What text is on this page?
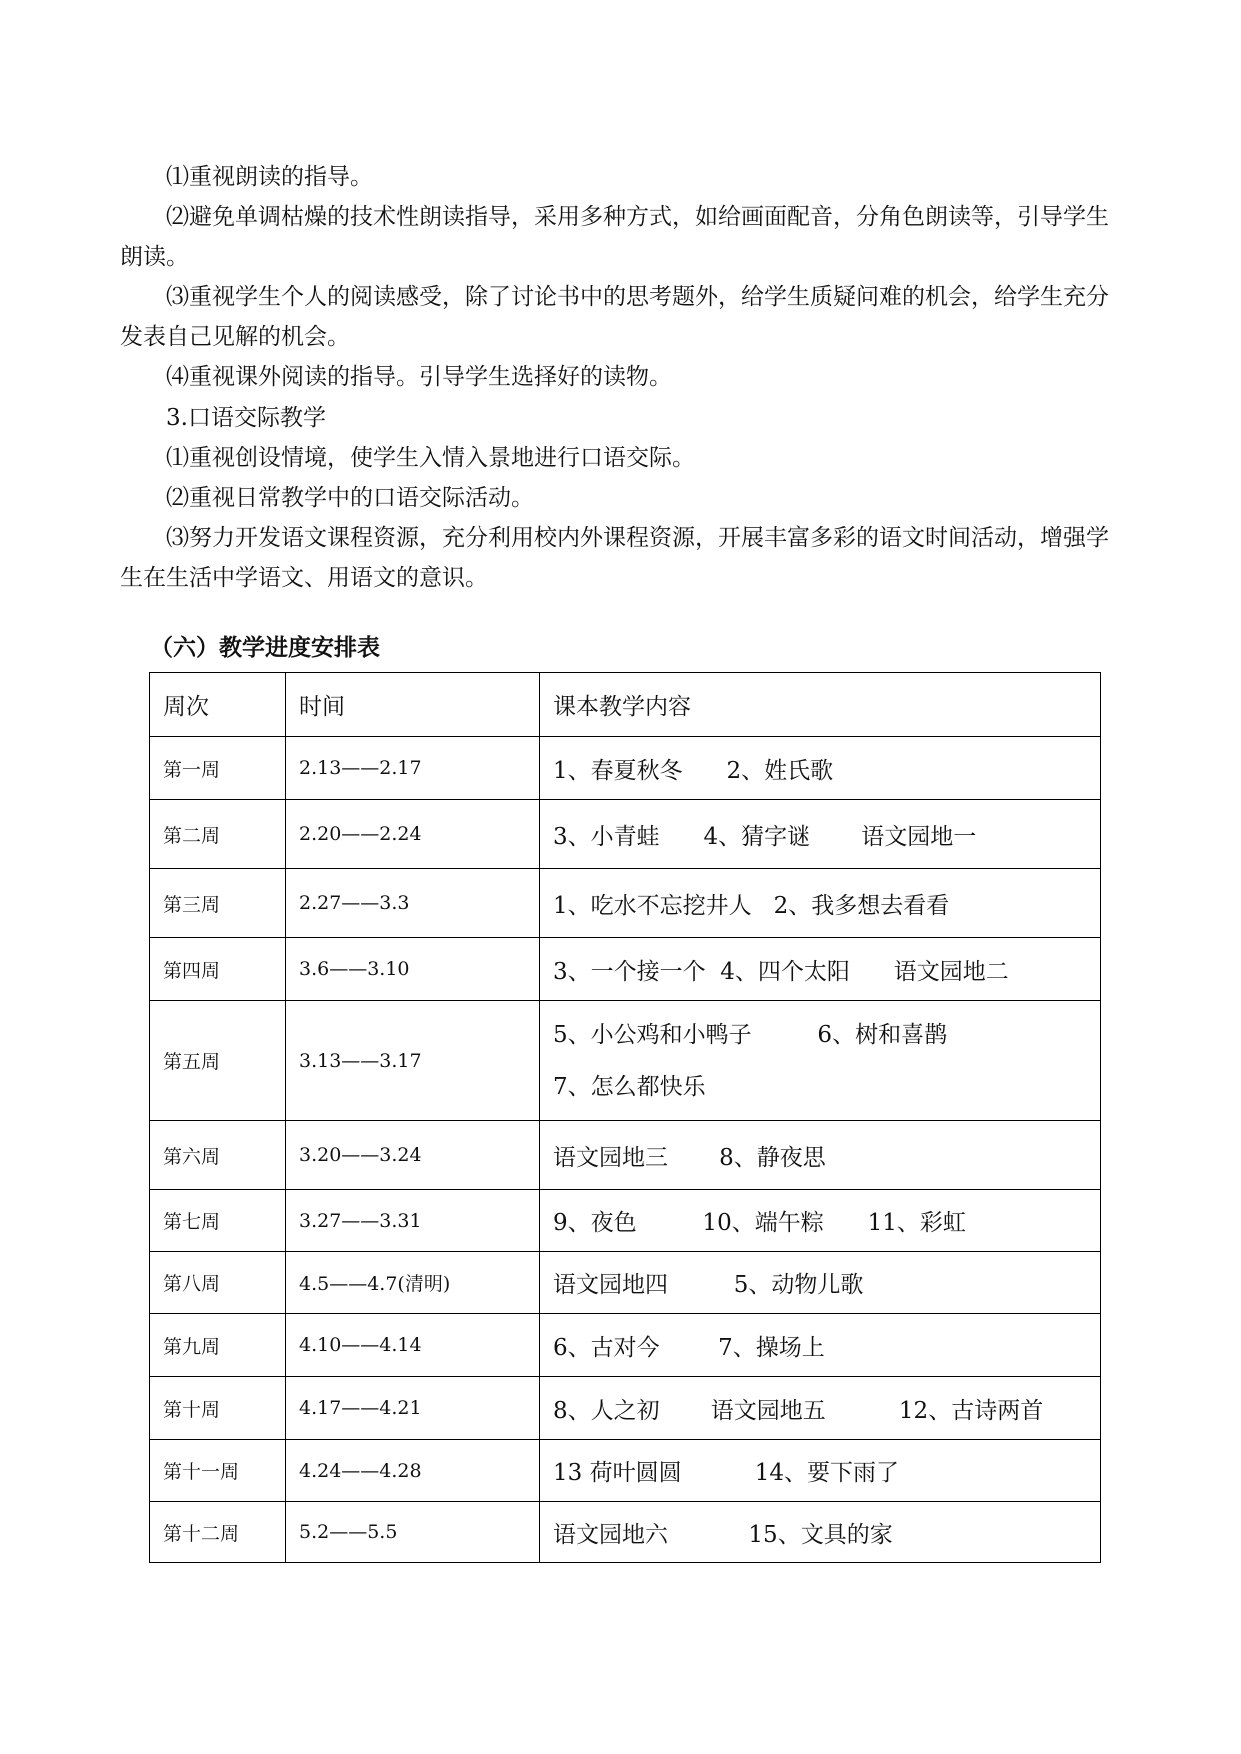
⑴重视朗读的指导。

⑵避免单调枯燥的技术性朗读指导，采用多种方式，如给画面配音，分角色朗读等，引导学生朗读。

⑶重视学生个人的阅读感受，除了讨论书中的思考题外，给学生质疑问难的机会，给学生充分发表自己见解的机会。

⑷重视课外阅读的指导。引导学生选择好的读物。

3.口语交际教学

⑴重视创设情境，使学生入情入景地进行口语交际。

⑵重视日常教学中的口语交际活动。

⑶努力开发语文课程资源，充分利用校内外课程资源，开展丰富多彩的语文时间活动，增强学生在生活中学语文、用语文的意识。

（六）教学进度安排表
周次	时间	课本教学内容
第一周	2.13——2.17	1、春夏秋冬      2、姓氏歌
第二周	2.20——2.24	3、小青蛙      4、猜字谜       语文园地一
第三周	2.27——3.3	1、吃水不忘挖井人   2、我多想去看看
第四周	3.6——3.10	3、一个接一个  4、四个太阳      语文园地二
第五周	3.13——3.17	5、小公鸡和小鸭子         6、树和喜鹊
7、怎么都快乐

第六周	3.20——3.24	语文园地三       8、静夜思
第七周	3.27——3.31	9、夜色         10、端午粽      11、彩虹
第八周	4.5——4.7(清明)	语文园地四         5、动物儿歌
第九周	4.10——4.14	6、古对今        7、操场上
第十周	4.17——4.21	8、人之初       语文园地五          12、古诗两首
第十一周	4.24——4.28	13 荷叶圆圆          14、要下雨了
第十二周	5.2——5.5	语文园地六           15、文具的家
